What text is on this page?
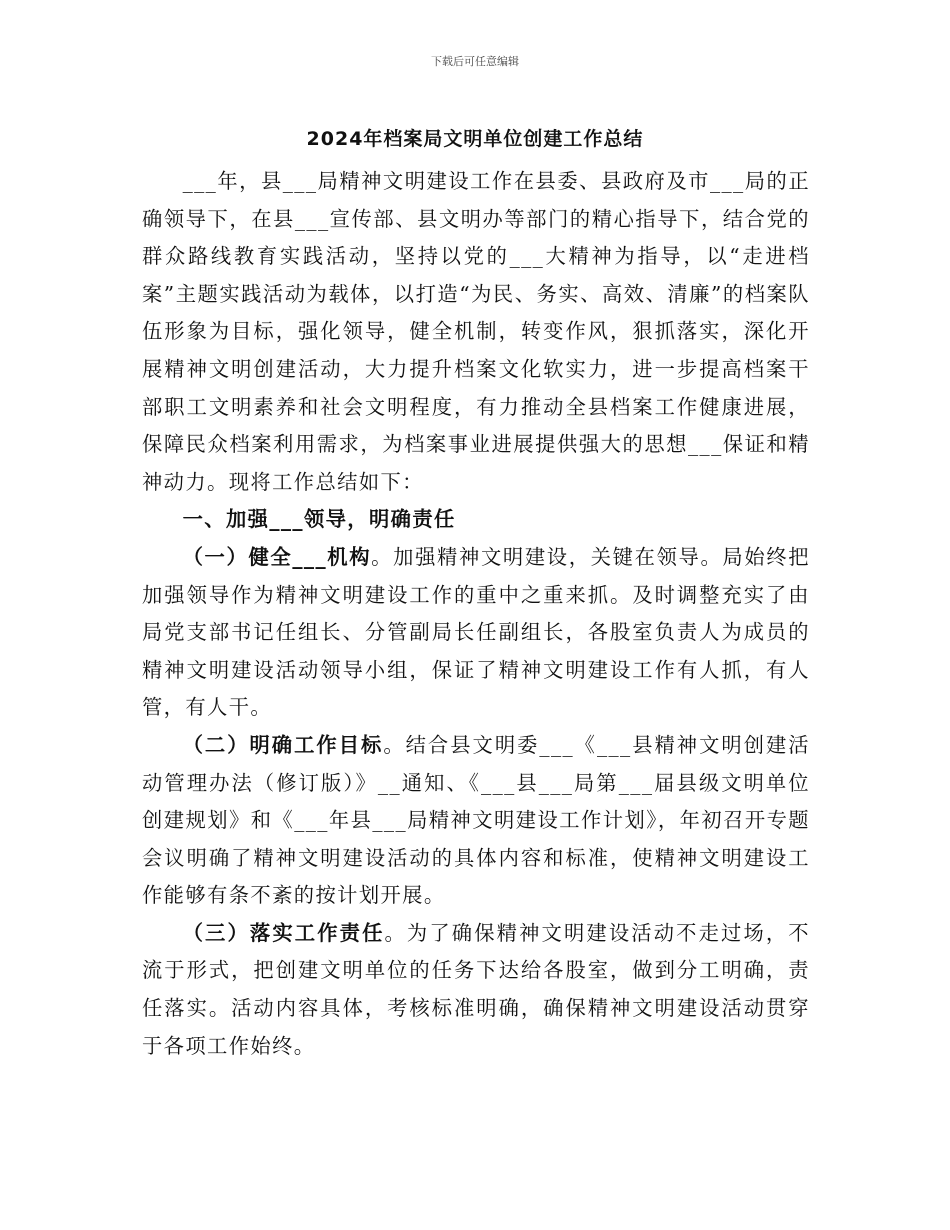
下载后可任意编辑
2024年档案局文明单位创建工作总结

___年，县___局精神文明建设工作在县委、县政府及市___局的正确领导下，在县___宣传部、县文明办等部门的精心指导下，结合党的群众路线教育实践活动，坚持以党的___大精神为指导，以“走进档案”主题实践活动为载体，以打造“为民、务实、高效、清廉”的档案队伍形象为目标，强化领导，健全机制，转变作风，狠抓落实，深化开展精神文明创建活动，大力提升档案文化软实力，进一步提高档案干部职工文明素养和社会文明程度，有力推动全县档案工作健康进展，保障民众档案利用需求，为档案事业进展提供强大的思想___保证和精神动力。现将工作总结如下：

一、加强___领导，明确责任

（一）健全___机构。加强精神文明建设，关键在领导。局始终把加强领导作为精神文明建设工作的重中之重来抓。及时调整充实了由局党支部书记任组长、分管副局长任副组长，各股室负责人为成员的精神文明建设活动领导小组，保证了精神文明建设工作有人抓，有人管，有人干。

（二）明确工作目标。结合县文明委___《___县精神文明创建活动管理办法（修订版）》__通知、《___县___局第___届县级文明单位创建规划》和《___年县___局精神文明建设工作计划》，年初召开专题会议明确了精神文明建设活动的具体内容和标准，使精神文明建设工作能够有条不紊的按计划开展。

（三）落实工作责任。为了确保精神文明建设活动不走过场，不流于形式，把创建文明单位的任务下达给各股室，做到分工明确，责任落实。活动内容具体，考核标准明确，确保精神文明建设活动贯穿于各项工作始终。
